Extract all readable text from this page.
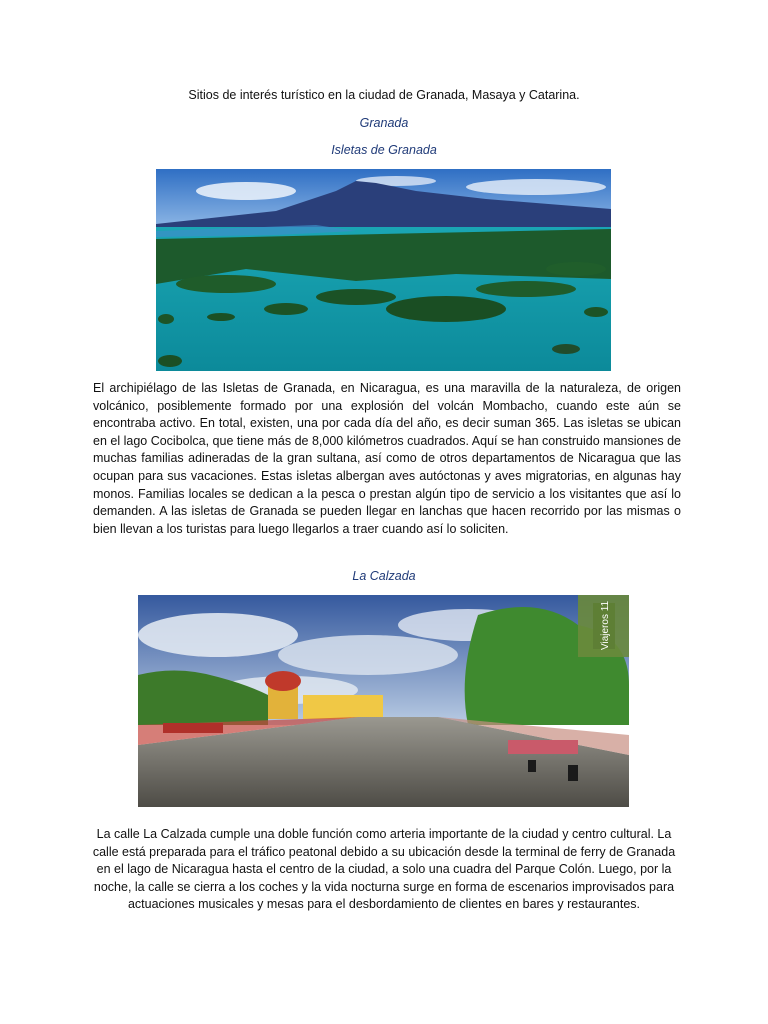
Sitios de interés turístico en la ciudad de Granada, Masaya y Catarina.
Granada
Isletas de Granada
El archipiélago de las Isletas de Granada, en Nicaragua, es una maravilla de la naturaleza, de origen volcánico, posiblemente formado por una explosión del volcán Mombacho, cuando este aún se encontraba activo. En total, existen, una por cada día del año, es decir suman 365. Las isletas se ubican en el lago Cocibolca, que tiene más de 8,000 kilómetros cuadrados. Aquí se han construido mansiones de muchas familias adineradas de la gran sultana, así como de otros departamentos de Nicaragua que las ocupan para sus vacaciones. Estas isletas albergan aves autóctonas y aves migratorias, en algunas hay monos. Familias locales se dedican a la pesca o prestan algún tipo de servicio a los visitantes que así lo demanden. A las isletas de Granada se pueden llegar en lanchas que hacen recorrido por las mismas o bien llevan a los turistas para luego llegarlos a traer cuando así lo soliciten.
La Calzada
Viajeros 11
La calle La Calzada cumple una doble función como arteria importante de la ciudad y centro cultural. La calle está preparada para el tráfico peatonal debido a su ubicación desde la terminal de ferry de Granada en el lago de Nicaragua hasta el centro de la ciudad, a solo una cuadra del Parque Colón. Luego, por la noche, la calle se cierra a los coches y la vida nocturna surge en forma de escenarios improvisados para actuaciones musicales y mesas para el desbordamiento de clientes en bares y restaurantes.
